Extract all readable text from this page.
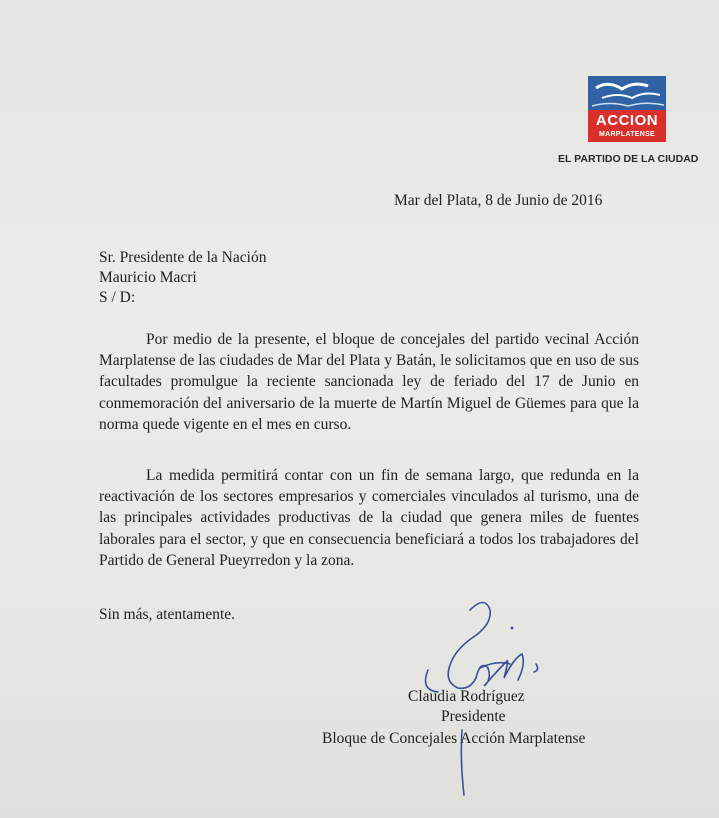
ACCION
MARPLATENSE
EL PARTIDO DE LA CIUDAD
Mar del Plata, 8 de Junio de 2016
Sr. Presidente de la Nación
Mauricio Macri
S / D:
Por medio de la presente, el bloque de concejales del partido vecinal Acción Marplatense de las ciudades de Mar del Plata y Batán, le solicitamos que en uso de sus facultades promulgue la reciente sancionada ley de feriado del 17 de Junio en conmemoración del aniversario de la muerte de Martín Miguel de Güemes para que la norma quede vigente en el mes en curso.
La medida permitirá contar con un fin de semana largo, que redunda en la reactivación de los sectores empresarios y comerciales vinculados al turismo, una de las principales actividades productivas de la ciudad que genera miles de fuentes laborales para el sector, y que en consecuencia beneficiará a todos los trabajadores del Partido de General Pueyrredon y la zona.
Sin más, atentamente.
Claudia Rodríguez
Presidente
Bloque de Concejales Acción Marplatense
